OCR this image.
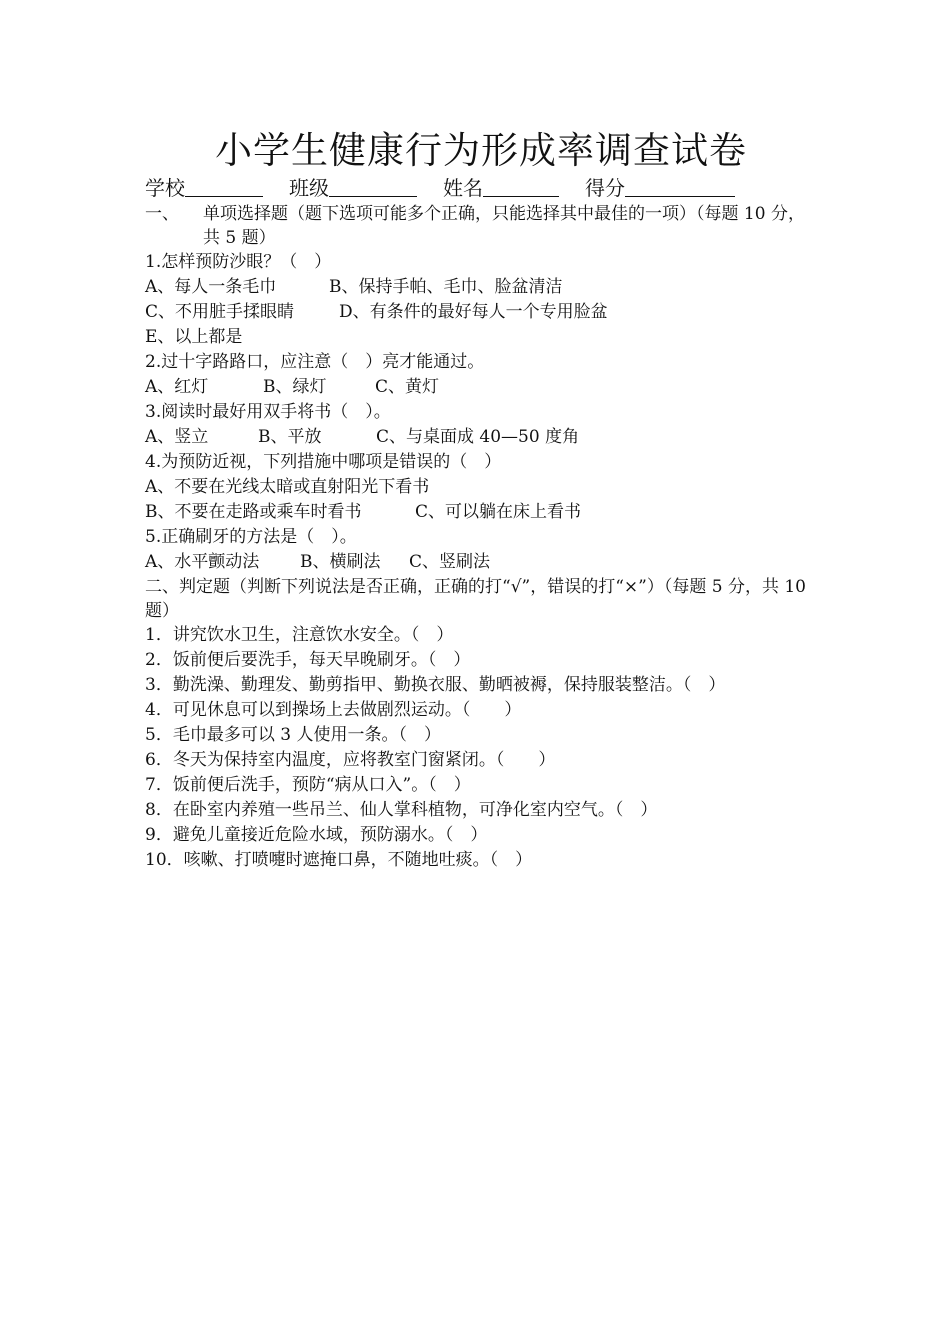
小学生健康行为形成率调查试卷
学校	班级	姓名	得分
一、	单项选择题（题下选项可能多个正确，只能选择其中最佳的一项）（每题 10 分，共 5 题）
1.怎样预防沙眼？（　）
A、每人一条毛巾	B、保持手帕、毛巾、脸盆清洁
C、不用脏手揉眼睛	D、有条件的最好每人一个专用脸盆
E、以上都是
2.过十字路路口，应注意（　）亮才能通过。
A、红灯	B、绿灯	C、黄灯
3.阅读时最好用双手将书（　）。
A、竖立	B、平放	C、与桌面成 40—50 度角
4.为预防近视，下列措施中哪项是错误的（　）
A、不要在光线太暗或直射阳光下看书
B、不要在走路或乘车时看书	C、可以躺在床上看书
5.正确刷牙的方法是（　）。
A、水平颤动法 B、横刷法 C、竖刷法
二、判定题（判断下列说法是否正确，正确的打“√”，错误的打“×”）（每题 5 分，共 10 题）
1．讲究饮水卫生，注意饮水安全。（　）
2．饭前便后要洗手，每天早晚刷牙。（　）
3．勤洗澡、勤理发、勤剪指甲、勤换衣服、勤晒被褥，保持服装整洁。（　）
4．可见休息可以到操场上去做剧烈运动。（　　）
5．毛巾最多可以 3 人使用一条。（　）
6．冬天为保持室内温度，应将教室门窗紧闭。（　　）
7．饭前便后洗手，预防“病从口入”。（　）
8．在卧室内养殖一些吊兰、仙人掌科植物，可净化室内空气。（　）
9．避免儿童接近危险水域，预防溺水。（　）
10．咳嗽、打喷嚏时遮掩口鼻，不随地吐痰。（　）
